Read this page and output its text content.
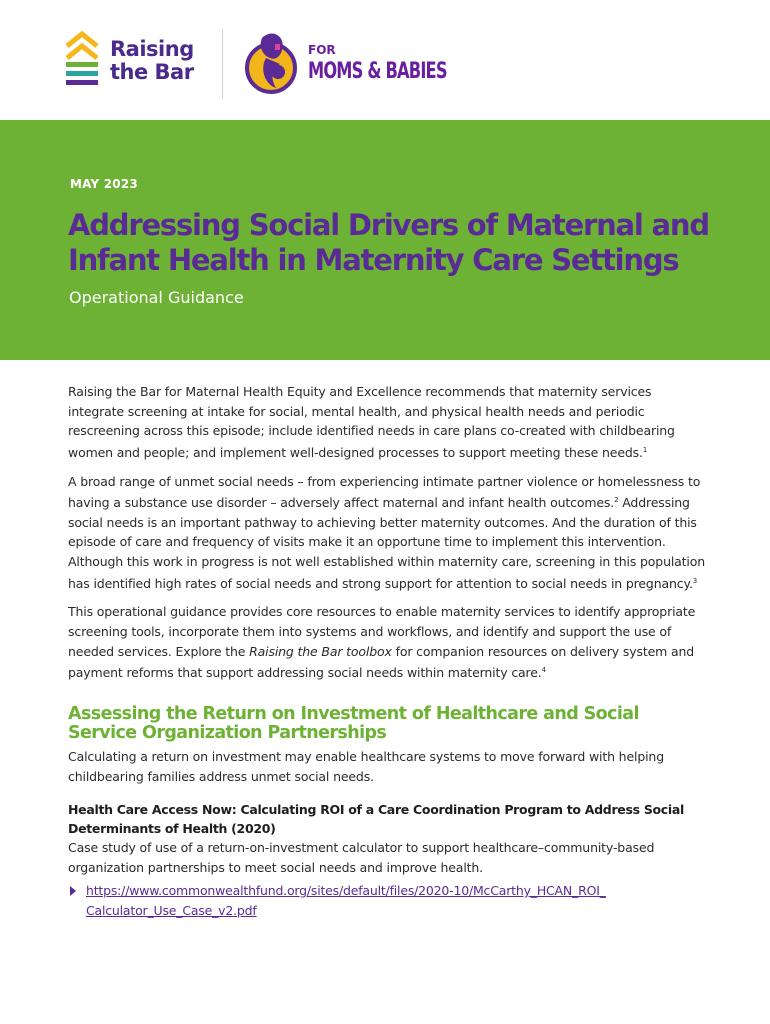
Raising
the Bar
FOR
MOMS & BABIES
MAY 2023
Addressing Social Drivers of Maternal and
Infant Health in Maternity Care Settings
Operational Guidance

Raising the Bar for Maternal Health Equity and Excellence recommends that maternity services integrate screening at intake for social, mental health, and physical health needs and periodic rescreening across this episode; include identified needs in care plans co-created with childbearing women and people; and implement well-designed processes to support meeting these needs.$^1$

A broad range of unmet social needs – from experiencing intimate partner violence or homelessness to having a substance use disorder – adversely affect maternal and infant health outcomes.$^2$ Addressing social needs is an important pathway to achieving better maternity outcomes. And the duration of this episode of care and frequency of visits make it an opportune time to implement this intervention. Although this work in progress is not well established within maternity care, screening in this population has identified high rates of social needs and strong support for attention to social needs in pregnancy.$^3$

This operational guidance provides core resources to enable maternity services to identify appropriate screening tools, incorporate them into systems and workflows, and identify and support the use of needed services. Explore the Raising the Bar toolbox for companion resources on delivery system and payment reforms that support addressing social needs within maternity care.$^4$

Assessing the Return on Investment of Healthcare and Social Service Organization Partnerships

Calculating a return on investment may enable healthcare systems to move forward with helping childbearing families address unmet social needs.

Health Care Access Now: Calculating ROI of a Care Coordination Program to Address Social Determinants of Health (2020)

Case study of use of a return-on-investment calculator to support healthcare–community-based organization partnerships to meet social needs and improve health.

https://www.commonwealthfund.org/sites/default/files/2020-10/McCarthy_HCAN_ROI_
Calculator_Use_Case_v2.pdf
